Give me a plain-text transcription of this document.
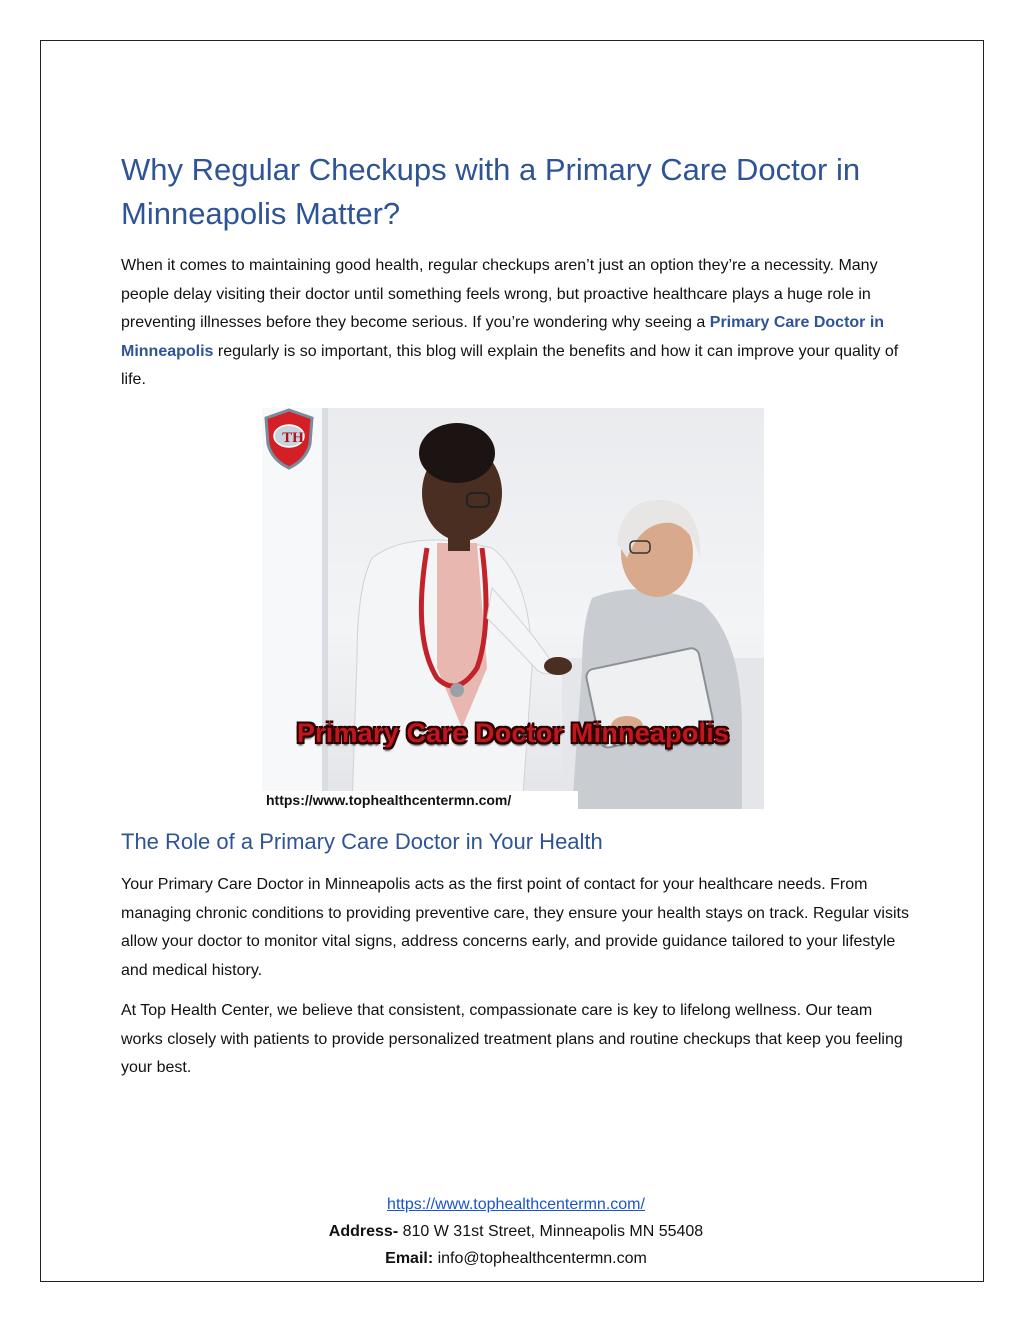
Why Regular Checkups with a Primary Care Doctor in Minneapolis Matter?

When it comes to maintaining good health, regular checkups aren’t just an option they’re a necessity. Many people delay visiting their doctor until something feels wrong, but proactive healthcare plays a huge role in preventing illnesses before they become serious. If you’re wondering why seeing a Primary Care Doctor in Minneapolis regularly is so important, this blog will explain the benefits and how it can improve your quality of life.

TH
Primary Care Doctor Minneapolis
https://www.tophealthcentermn.com/
The Role of a Primary Care Doctor in Your Health

Your Primary Care Doctor in Minneapolis acts as the first point of contact for your healthcare needs. From managing chronic conditions to providing preventive care, they ensure your health stays on track. Regular visits allow your doctor to monitor vital signs, address concerns early, and provide guidance tailored to your lifestyle and medical history.

At Top Health Center, we believe that consistent, compassionate care is key to lifelong wellness. Our team works closely with patients to provide personalized treatment plans and routine checkups that keep you feeling your best.

https://www.tophealthcentermn.com/
Address- 810 W 31st Street, Minneapolis MN 55408
Email: info@tophealthcentermn.com
